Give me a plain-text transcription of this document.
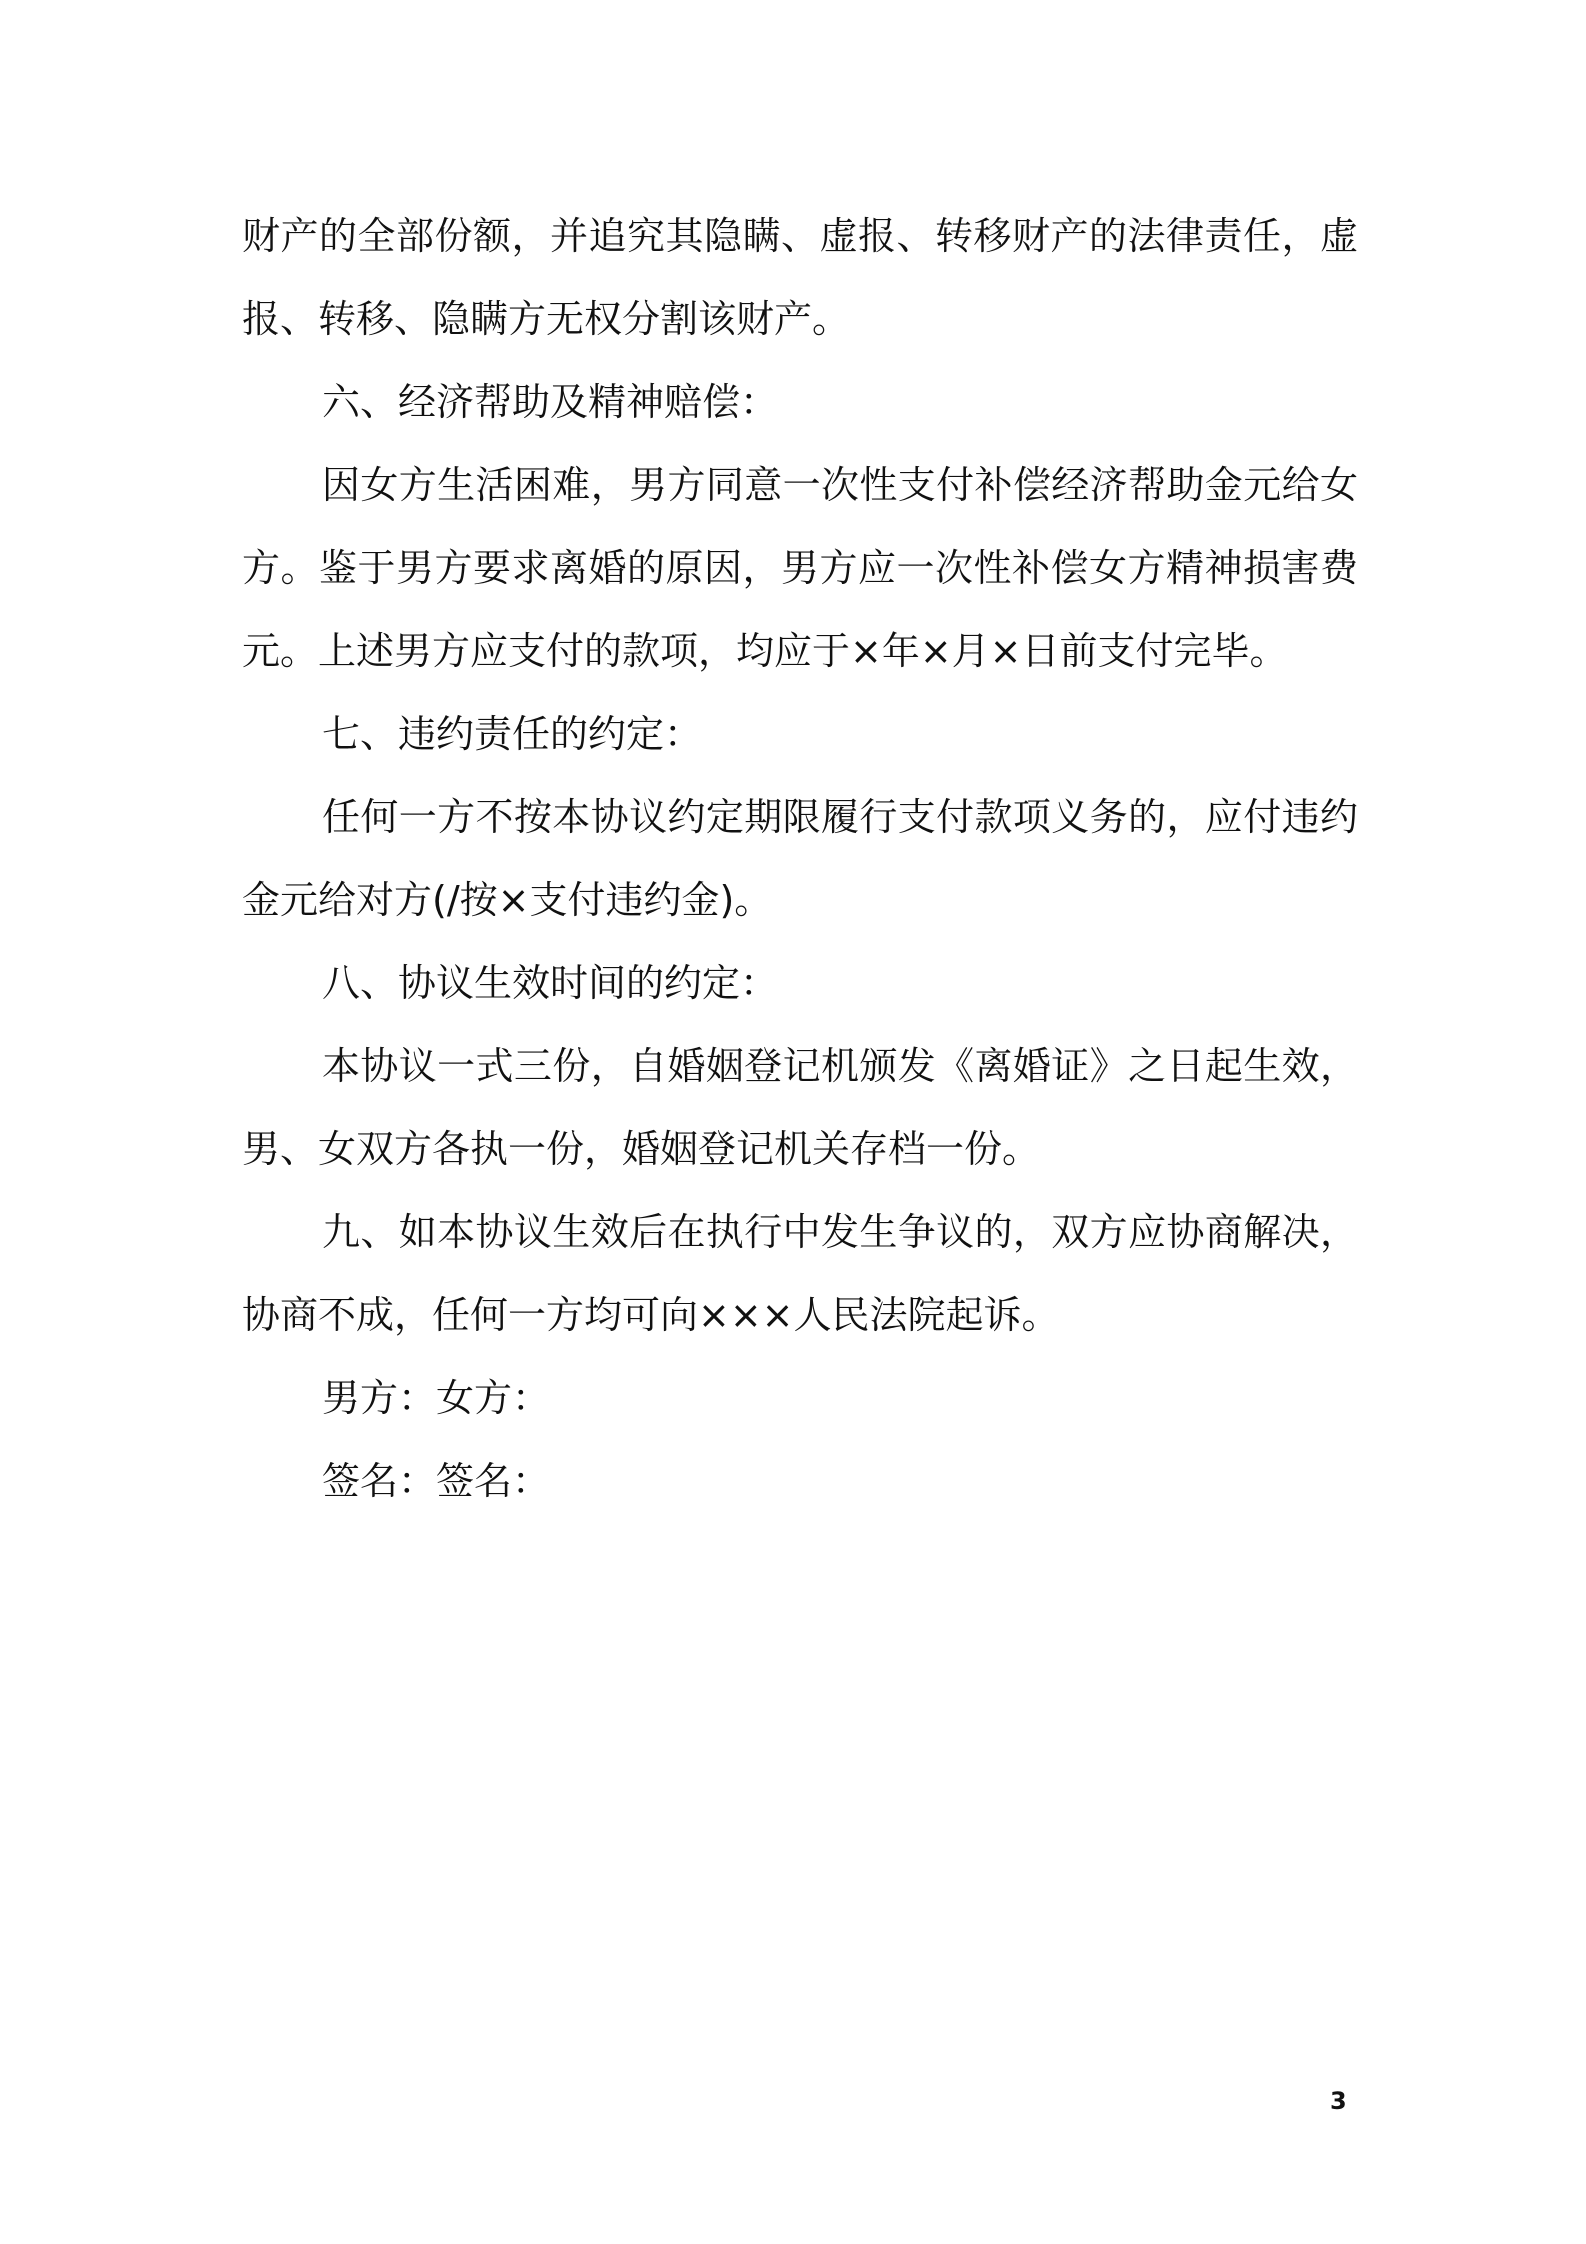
财产的全部份额，并追究其隐瞒、虚报、转移财产的法律责任，虚报、转移、隐瞒方无权分割该财产。

六、经济帮助及精神赔偿：

因女方生活困难，男方同意一次性支付补偿经济帮助金元给女方。鉴于男方要求离婚的原因，男方应一次性补偿女方精神损害费元。上述男方应支付的款项，均应于×年×月×日前支付完毕。

七、违约责任的约定：

任何一方不按本协议约定期限履行支付款项义务的，应付违约金元给对方(/按×支付违约金)。

八、协议生效时间的约定：

本协议一式三份，自婚姻登记机颁发《离婚证》之日起生效，男、女双方各执一份，婚姻登记机关存档一份。

九、如本协议生效后在执行中发生争议的，双方应协商解决，协商不成，任何一方均可向×××人民法院起诉。

男方：女方：

签名：签名：

3
